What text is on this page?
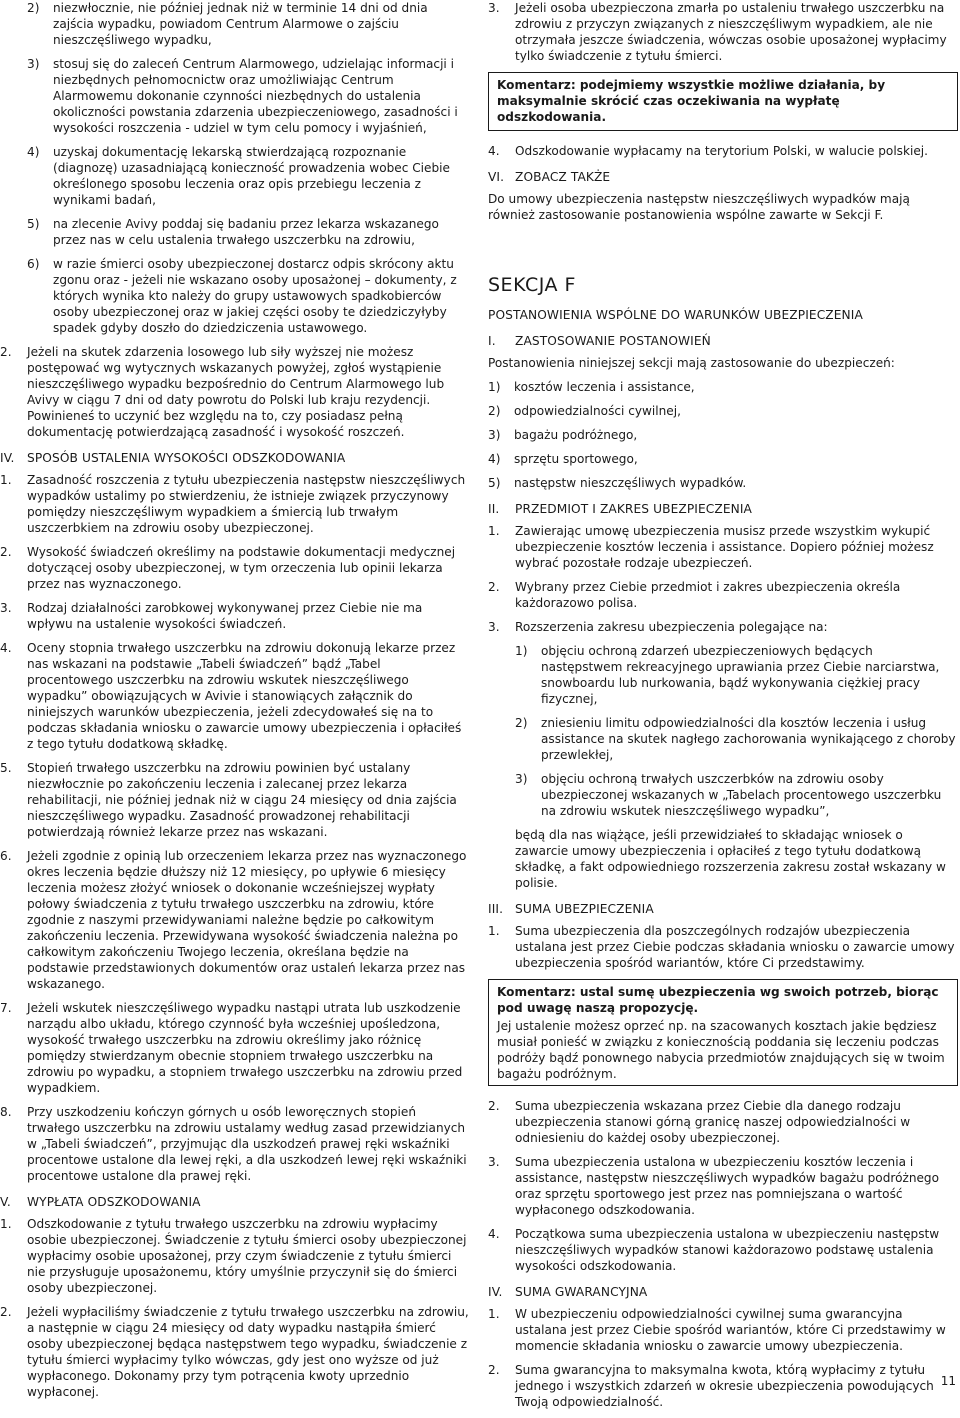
2)	niezwłocznie, nie później jednak niż w terminie 14 dni od dnia zajścia wypadku, powiadom Centrum Alarmowe o zajściu nieszczęśliwego wypadku,
3)	stosuj się do zaleceń Centrum Alarmowego, udzielając informacji i niezbędnych pełnomocnictw oraz umożliwiając Centrum Alarmowemu dokonanie czynności niezbędnych do ustalenia okoliczności powstania zdarzenia ubezpieczeniowego, zasadności i wysokości roszczenia - udziel w tym celu pomocy i wyjaśnień,
4)	uzyskaj dokumentację lekarską stwierdzającą rozpoznanie (diagnozę) uzasadniającą konieczność prowadzenia wobec Ciebie określonego sposobu leczenia oraz opis przebiegu leczenia z wynikami badań,
5)	na zlecenie Avivy poddaj się badaniu przez lekarza wskazanego przez nas w celu ustalenia trwałego uszczerbku na zdrowiu,
6)	w razie śmierci osoby ubezpieczonej dostarcz odpis skrócony aktu zgonu oraz - jeżeli nie wskazano osoby uposażonej – dokumenty, z których wynika kto należy do grupy ustawowych spadkobierców osoby ubezpieczonej oraz w jakiej części osoby te dziedziczyłyby spadek gdyby doszło do dziedziczenia ustawowego.
2.	Jeżeli na skutek zdarzenia losowego lub siły wyższej nie możesz postępować wg wytycznych wskazanych powyżej, zgłoś wystąpienie nieszczęśliwego wypadku bezpośrednio do Centrum Alarmowego lub Avivy w ciągu 7 dni od daty powrotu do Polski lub kraju rezydencji. Powinieneś to uczynić bez względu na to, czy posiadasz pełną dokumentację potwierdzającą zasadność i wysokość roszczeń.
IV.	SPOSÓB USTALENIA WYSOKOŚCI ODSZKODOWANIA
1.	Zasadność roszczenia z tytułu ubezpieczenia następstw nieszczęśliwych wypadków ustalimy po stwierdzeniu, że istnieje związek przyczynowy pomiędzy nieszczęśliwym wypadkiem a śmiercią lub trwałym uszczerbkiem na zdrowiu osoby ubezpieczonej.
2.	Wysokość świadczeń określimy na podstawie dokumentacji medycznej dotyczącej osoby ubezpieczonej, w tym orzeczenia lub opinii lekarza przez nas wyznaczonego.
3.	Rodzaj działalności zarobkowej wykonywanej przez Ciebie nie ma wpływu na ustalenie wysokości świadczeń.
4.	Oceny stopnia trwałego uszczerbku na zdrowiu dokonują lekarze przez nas wskazani na podstawie „Tabeli świadczeń” bądź „Tabel procentowego uszczerbku na zdrowiu wskutek nieszczęśliwego wypadku” obowiązujących w Avivie i stanowiących załącznik do niniejszych warunków ubezpieczenia, jeżeli zdecydowałeś się na to podczas składania wniosku o zawarcie umowy ubezpieczenia i opłaciłeś z tego tytułu dodatkową składkę.
5.	Stopień trwałego uszczerbku na zdrowiu powinien być ustalany niezwłocznie po zakończeniu leczenia i zalecanej przez lekarza rehabilitacji, nie później jednak niż w ciągu 24 miesięcy od dnia zajścia nieszczęśliwego wypadku. Zasadność prowadzonej rehabilitacji potwierdzają również lekarze przez nas wskazani.
6.	Jeżeli zgodnie z opinią lub orzeczeniem lekarza przez nas wyznaczonego okres leczenia będzie dłuższy niż 12 miesięcy, po upływie 6 miesięcy leczenia możesz złożyć wniosek o dokonanie wcześniejszej wypłaty połowy świadczenia z tytułu trwałego uszczerbku na zdrowiu, które zgodnie z naszymi przewidywaniami należne będzie po całkowitym zakończeniu leczenia. Przewidywana wysokość świadczenia należna po całkowitym zakończeniu Twojego leczenia, określana będzie na podstawie przedstawionych dokumentów oraz ustaleń lekarza przez nas wskazanego.
7.	Jeżeli wskutek nieszczęśliwego wypadku nastąpi utrata lub uszkodzenie narządu albo układu, którego czynność była wcześniej upośledzona, wysokość trwałego uszczerbku na zdrowiu określimy jako różnicę pomiędzy stwierdzanym obecnie stopniem trwałego uszczerbku na zdrowiu po wypadku, a stopniem trwałego uszczerbku na zdrowiu przed wypadkiem.
8.	Przy uszkodzeniu kończyn górnych u osób leworęcznych stopień trwałego uszczerbku na zdrowiu ustalamy według zasad przewidzianych w „Tabeli świadczeń”, przyjmując dla uszkodzeń prawej ręki wskaźniki procentowe ustalone dla lewej ręki, a dla uszkodzeń lewej ręki wskaźniki procentowe ustalone dla prawej ręki.
V.	WYPŁATA ODSZKODOWANIA
1.	Odszkodowanie z tytułu trwałego uszczerbku na zdrowiu wypłacimy osobie ubezpieczonej. Świadczenie z tytułu śmierci osoby ubezpieczonej wypłacimy osobie uposażonej, przy czym świadczenie z tytułu śmierci nie przysługuje uposażonemu, który umyślnie przyczynił się do śmierci osoby ubezpieczonej.
2.	Jeżeli wypłaciliśmy świadczenie z tytułu trwałego uszczerbku na zdrowiu, a następnie w ciągu 24 miesięcy od daty wypadku nastąpiła śmierć osoby ubezpieczonej będąca następstwem tego wypadku, świadczenie z tytułu śmierci wypłacimy tylko wówczas, gdy jest ono wyższe od już wypłaconego. Dokonamy przy tym potrącenia kwoty uprzednio wypłaconej.
3.	Jeżeli osoba ubezpieczona zmarła po ustaleniu trwałego uszczerbku na zdrowiu z przyczyn związanych z nieszczęśliwym wypadkiem, ale nie otrzymała jeszcze świadczenia, wówczas osobie uposażonej wypłacimy tylko świadczenie z tytułu śmierci.
Komentarz: podejmiemy wszystkie możliwe działania, by maksymalnie skrócić czas oczekiwania na wypłatę odszkodowania.
4.	Odszkodowanie wypłacamy na terytorium Polski, w walucie polskiej.
VI. ZOBACZ TAKŻE
Do umowy ubezpieczenia następstw nieszczęśliwych wypadków mają również zastosowanie postanowienia wspólne zawarte w Sekcji F.
SEKCJA F
POSTANOWIENIA WSPÓLNE DO WARUNKÓW UBEZPIECZENIA
I.	ZASTOSOWANIE POSTANOWIEŃ
Postanowienia niniejszej sekcji mają zastosowanie do ubezpieczeń:
1)	kosztów leczenia i assistance,
2)	odpowiedzialności cywilnej,
3)	bagażu podróżnego,
4)	sprzętu sportowego,
5)	następstw nieszczęśliwych wypadków.
II.	PRZEDMIOT I ZAKRES UBEZPIECZENIA
1.	Zawierając umowę ubezpieczenia musisz przede wszystkim wykupić ubezpieczenie kosztów leczenia i assistance. Dopiero później możesz wybrać pozostałe rodzaje ubezpieczeń.
2.	Wybrany przez Ciebie przedmiot i zakres ubezpieczenia określa każdorazowo polisa.
3.	Rozszerzenia zakresu ubezpieczenia polegające na:
1)	objęciu ochroną zdarzeń ubezpieczeniowych będących następstwem rekreacyjnego uprawiania przez Ciebie narciarstwa, snowboardu lub nurkowania, bądź wykonywania ciężkiej pracy fizycznej,
2)	zniesieniu limitu odpowiedzialności dla kosztów leczenia i usług assistance na skutek nagłego zachorowania wynikającego z choroby przewlekłej,
3)	objęciu ochroną trwałych uszczerbków na zdrowiu osoby ubezpieczonej wskazanych w „Tabelach procentowego uszczerbku na zdrowiu wskutek nieszczęśliwego wypadku”,
będą dla nas wiążące, jeśli przewidziałeś to składając wniosek o zawarcie umowy ubezpieczenia i opłaciłeś z tego tytułu dodatkową składkę, a fakt odpowiedniego rozszerzenia zakresu został wskazany w polisie.
III. SUMA UBEZPIECZENIA
1.	Suma ubezpieczenia dla poszczególnych rodzajów ubezpieczenia ustalana jest przez Ciebie podczas składania wniosku o zawarcie umowy ubezpieczenia spośród wariantów, które Ci przedstawimy.
Komentarz: ustal sumę ubezpieczenia wg swoich potrzeb, biorąc pod uwagę naszą propozycję.
Jej ustalenie możesz oprzeć np. na szacowanych kosztach jakie będziesz musiał ponieść w związku z koniecznością poddania się leczeniu podczas podróży bądź ponownego nabycia przedmiotów znajdujących się w twoim bagażu podróżnym.
2.	Suma ubezpieczenia wskazana przez Ciebie dla danego rodzaju ubezpieczenia stanowi górną granicę naszej odpowiedzialności w odniesieniu do każdej osoby ubezpieczonej.
3.	Suma ubezpieczenia ustalona w ubezpieczeniu kosztów leczenia i assistance, następstw nieszczęśliwych wypadków bagażu podróżnego oraz sprzętu sportowego jest przez nas pomniejszana o wartość wypłaconego odszkodowania.
4.	Początkowa suma ubezpieczenia ustalona w ubezpieczeniu następstw nieszczęśliwych wypadków stanowi każdorazowo podstawę ustalenia wysokości odszkodowania.
IV.	SUMA GWARANCYJNA
1.	W ubezpieczeniu odpowiedzialności cywilnej suma gwarancyjna ustalana jest przez Ciebie spośród wariantów, które Ci przedstawimy w momencie składania wniosku o zawarcie umowy ubezpieczenia.
2.	Suma gwarancyjna to maksymalna kwota, którą wypłacimy z tytułu jednego i wszystkich zdarzeń w okresie ubezpieczenia powodujących Twoją odpowiedzialność.
11
